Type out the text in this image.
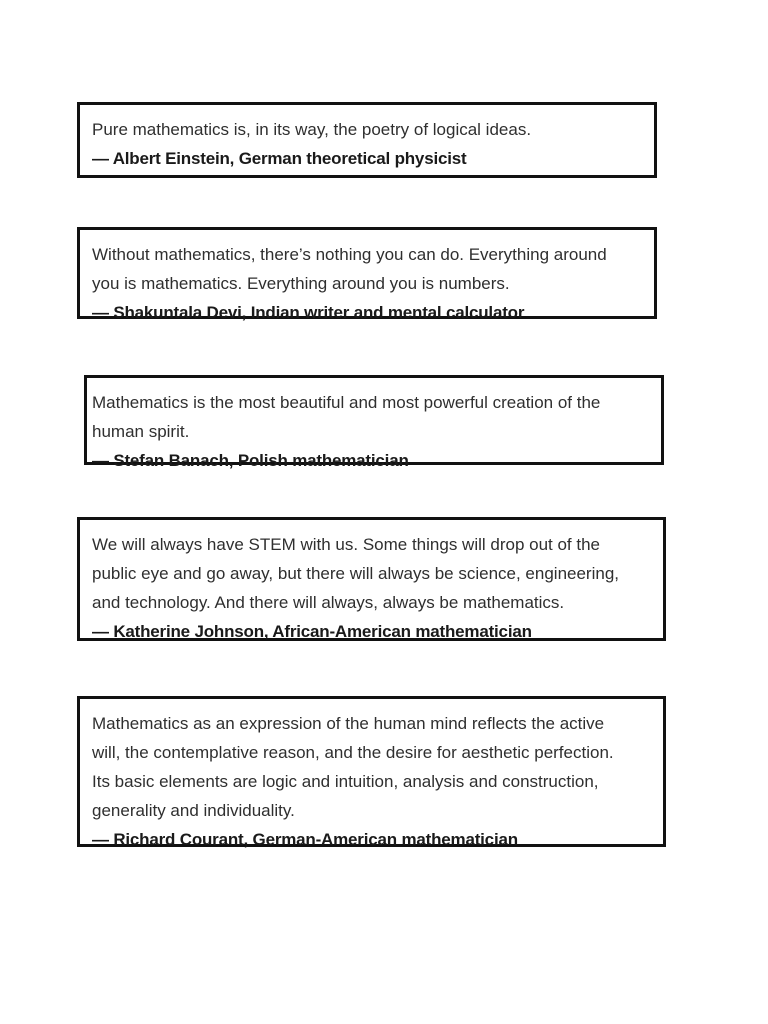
Pure mathematics is, in its way, the poetry of logical ideas.

— Albert Einstein, German theoretical physicist

Without mathematics, there’s nothing you can do. Everything around
you is mathematics. Everything around you is numbers.

— Shakuntala Devi, Indian writer and mental calculator

Mathematics is the most beautiful and most powerful creation of the
human spirit.

— Stefan Banach, Polish mathematician

We will always have STEM with us. Some things will drop out of the
public eye and go away, but there will always be science, engineering,
and technology. And there will always, always be mathematics.

— Katherine Johnson, African-American mathematician

Mathematics as an expression of the human mind reflects the active
will, the contemplative reason, and the desire for aesthetic perfection.
Its basic elements are logic and intuition, analysis and construction,
generality and individuality.

— Richard Courant, German-American mathematician
